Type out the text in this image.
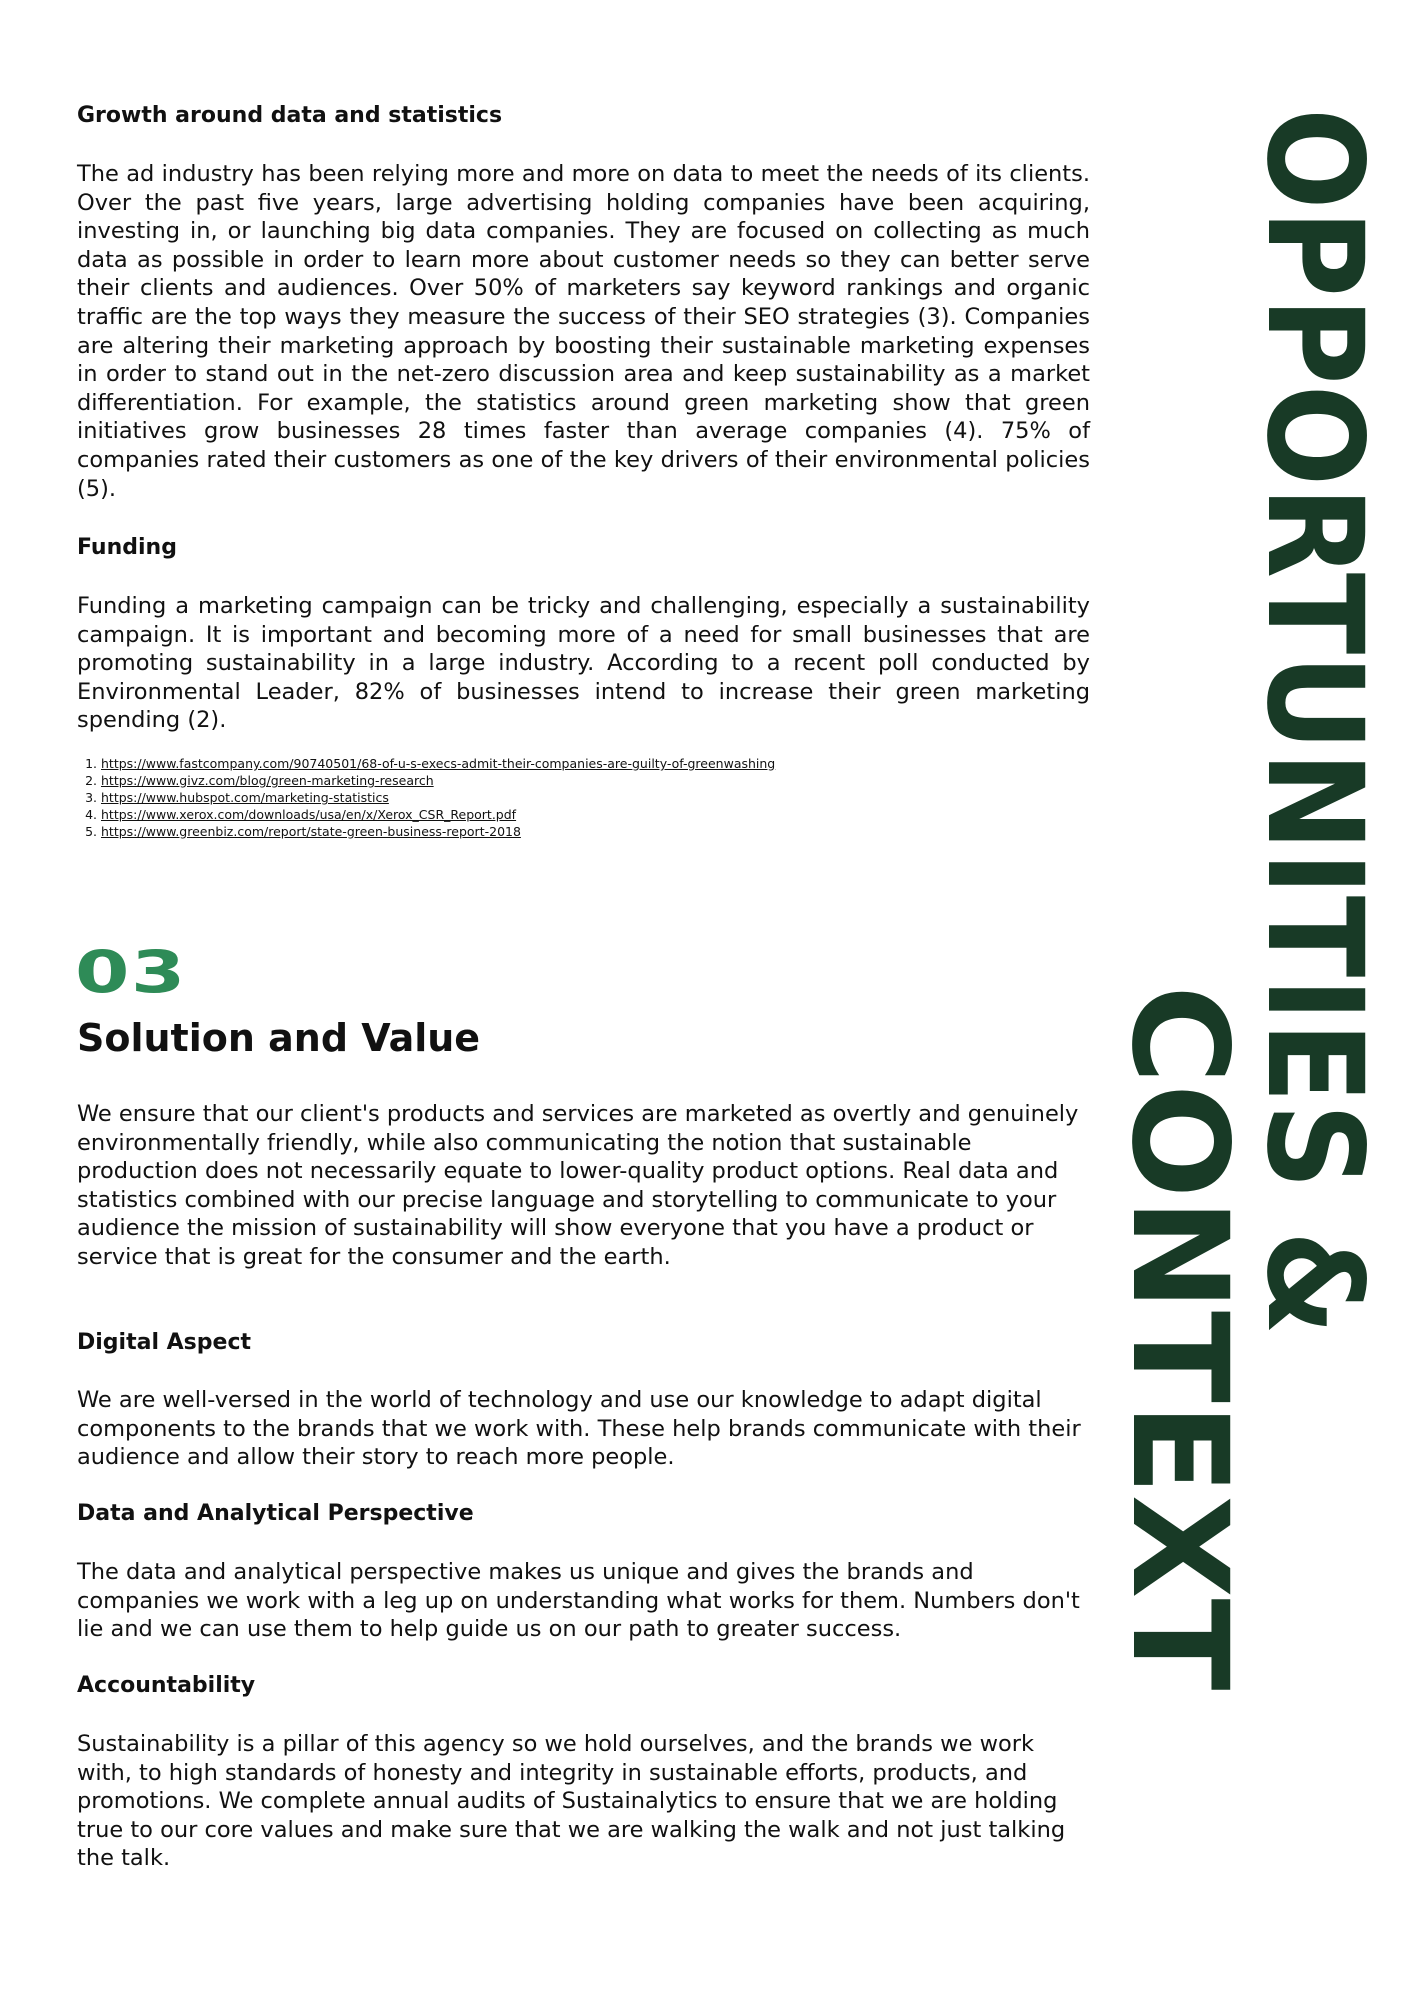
Growth around data and statistics

The ad industry has been relying more and more on data to meet the needs of its clients. Over the past five years, large advertising holding companies have been acquiring, investing in, or launching big data companies. They are focused on collecting as much data as possible in order to learn more about customer needs so they can better serve their clients and audiences. Over 50% of marketers say keyword rankings and organic traffic are the top ways they measure the success of their SEO strategies (3). Companies are altering their marketing approach by boosting their sustainable marketing expenses in order to stand out in the net-zero discussion area and keep sustainability as a market differentiation. For example, the statistics around green marketing show that green initiatives grow businesses 28 times faster than average companies (4). 75% of companies rated their customers as one of the key drivers of their environmental policies (5).

Funding

Funding a marketing campaign can be tricky and challenging, especially a sustainability campaign. It is important and becoming more of a need for small businesses that are promoting sustainability in a large industry. According to a recent poll conducted by Environmental Leader, 82% of businesses intend to increase their green marketing spending (2).

1. https://www.fastcompany.com/90740501/68-of-u-s-execs-admit-their-companies-are-guilty-of-greenwashing
2. https://www.givz.com/blog/green-marketing-research
3. https://www.hubspot.com/marketing-statistics
4. https://www.xerox.com/downloads/usa/en/x/Xerox_CSR_Report.pdf
5. https://www.greenbiz.com/report/state-green-business-report-2018
03
Solution and Value

We ensure that our client's products and services are marketed as overtly and genuinely environmentally friendly, while also communicating the notion that sustainable production does not necessarily equate to lower-quality product options. Real data and statistics combined with our precise language and storytelling to communicate to your audience the mission of sustainability will show everyone that you have a product or service that is great for the consumer and the earth.

Digital Aspect

We are well-versed in the world of technology and use our knowledge to adapt digital components to the brands that we work with. These help brands communicate with their audience and allow their story to reach more people.

Data and Analytical Perspective

The data and analytical perspective makes us unique and gives the brands and companies we work with a leg up on understanding what works for them. Numbers don't lie and we can use them to help guide us on our path to greater success.

Accountability

Sustainability is a pillar of this agency so we hold ourselves, and the brands we work with, to high standards of honesty and integrity in sustainable efforts, products, and promotions. We complete annual audits of Sustainalytics to ensure that we are holding true to our core values and make sure that we are walking the walk and not just talking the talk.

OPPORTUNITIES &
CONTEXT
